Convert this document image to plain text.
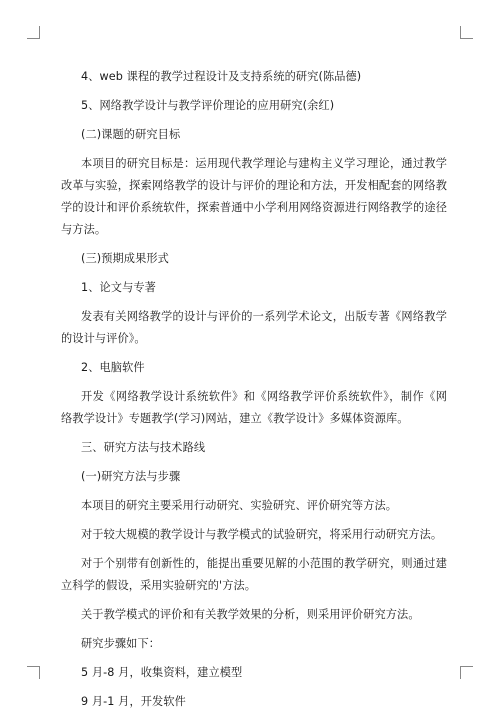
4、web 课程的教学过程设计及支持系统的研究(陈品德)

5、网络教学设计与教学评价理论的应用研究(余红)

(二)课题的研究目标

本项目的研究目标是：运用现代教学理论与建构主义学习理论，通过教学改革与实验，探索网络教学的设计与评价的理论和方法，开发相配套的网络教学的设计和评价系统软件，探索普通中小学利用网络资源进行网络教学的途径与方法。

(三)预期成果形式

1、论文与专著

发表有关网络教学的设计与评价的一系列学术论文，出版专著《网络教学的设计与评价》。

2、电脑软件

开发《网络教学设计系统软件》和《网络教学评价系统软件》，制作《网络教学设计》专题教学(学习)网站，建立《教学设计》多媒体资源库。

三、研究方法与技术路线

(一)研究方法与步骤

本项目的研究主要采用行动研究、实验研究、评价研究等方法。

对于较大规模的教学设计与教学模式的试验研究，将采用行动研究方法。

对于个别带有创新性的，能提出重要见解的小范围的教学研究，则通过建立科学的假设，采用实验研究的'方法。

关于教学模式的评价和有关教学效果的分析，则采用评价研究方法。

研究步骤如下：

5 月-8 月，收集资料，建立模型

9 月-1 月，开发软件
